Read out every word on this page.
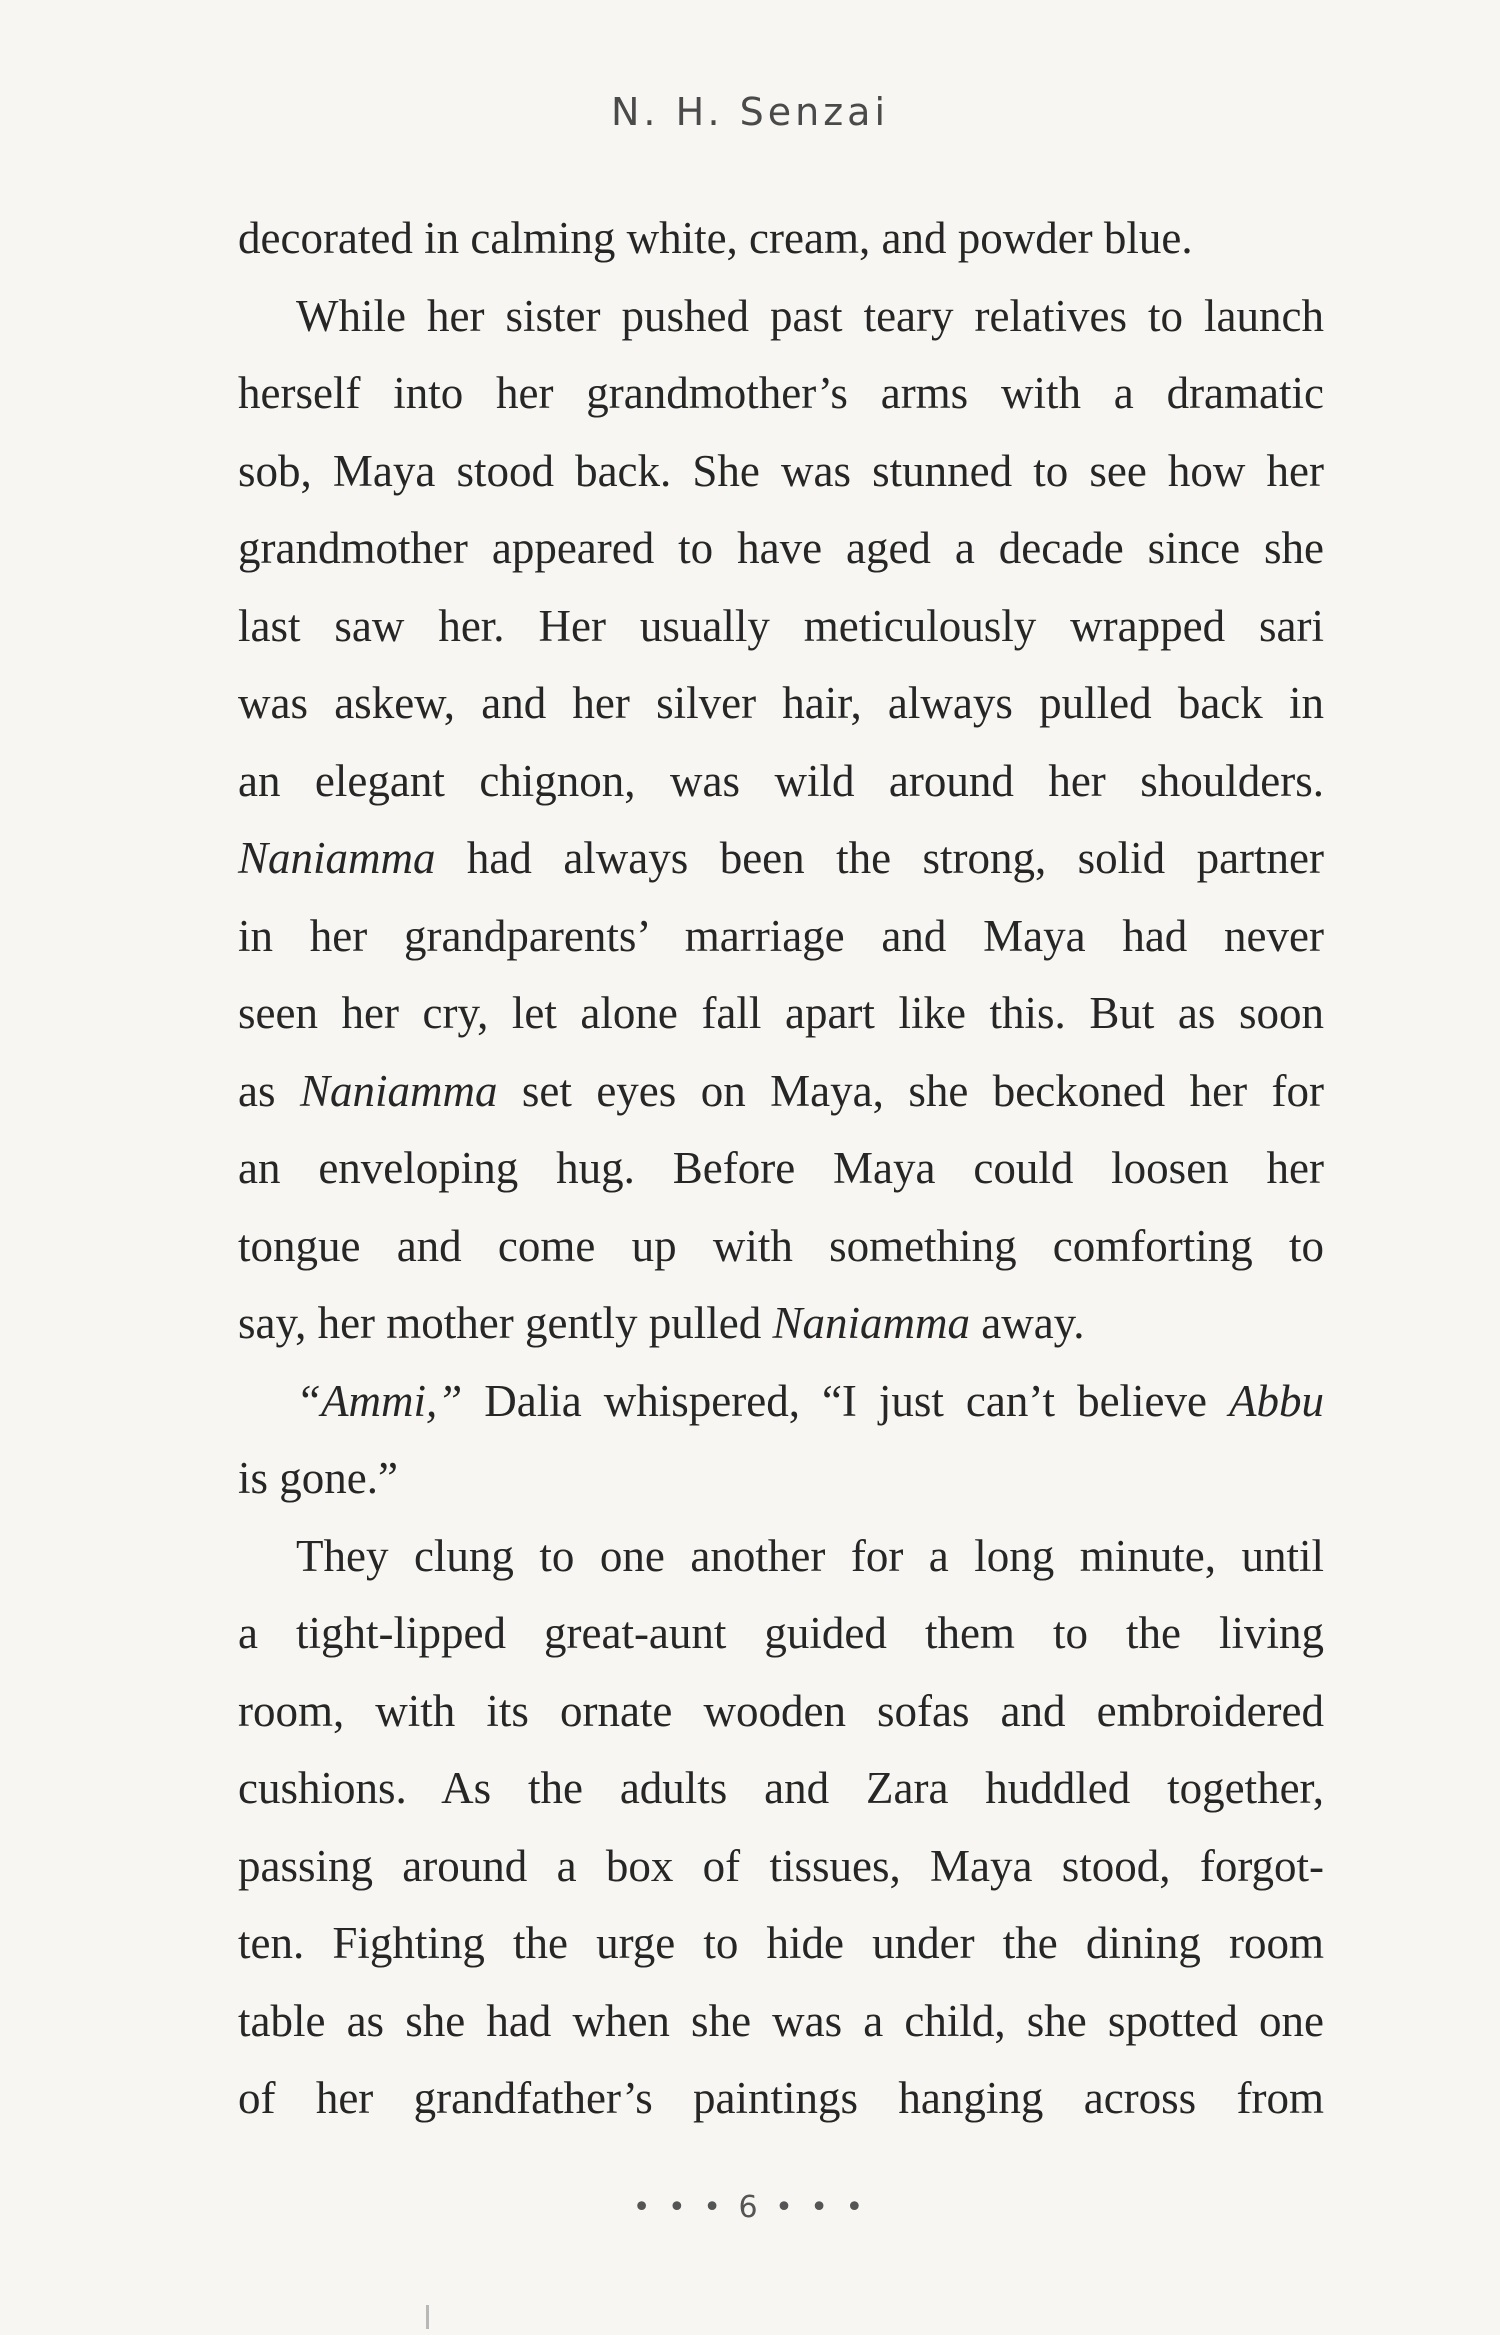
N. H. Senzai
decorated in calming white, cream, and powder blue.
While her sister pushed past teary relatives to launch
herself into her grandmother’s arms with a dramatic
sob, Maya stood back. She was stunned to see how her
grandmother appeared to have aged a decade since she
last saw her. Her usually meticulously wrapped sari
was askew, and her silver hair, always pulled back in
an elegant chignon, was wild around her shoulders.
Naniamma had always been the strong, solid partner
in her grandparents’ marriage and Maya had never
seen her cry, let alone fall apart like this. But as soon
as Naniamma set eyes on Maya, she beckoned her for
an enveloping hug. Before Maya could loosen her
tongue and come up with something comforting to
say, her mother gently pulled Naniamma away.
“Ammi,” Dalia whispered, “I just can’t believe Abbu
is gone.”
They clung to one another for a long minute, until
a tight-lipped great-aunt guided them to the living
room, with its ornate wooden sofas and embroidered
cushions. As the adults and Zara huddled together,
passing around a box of tissues, Maya stood, forgot-
ten. Fighting the urge to hide under the dining room
table as she had when she was a child, she spotted one
of her grandfather’s paintings hanging across from
• • • 6 • • •
